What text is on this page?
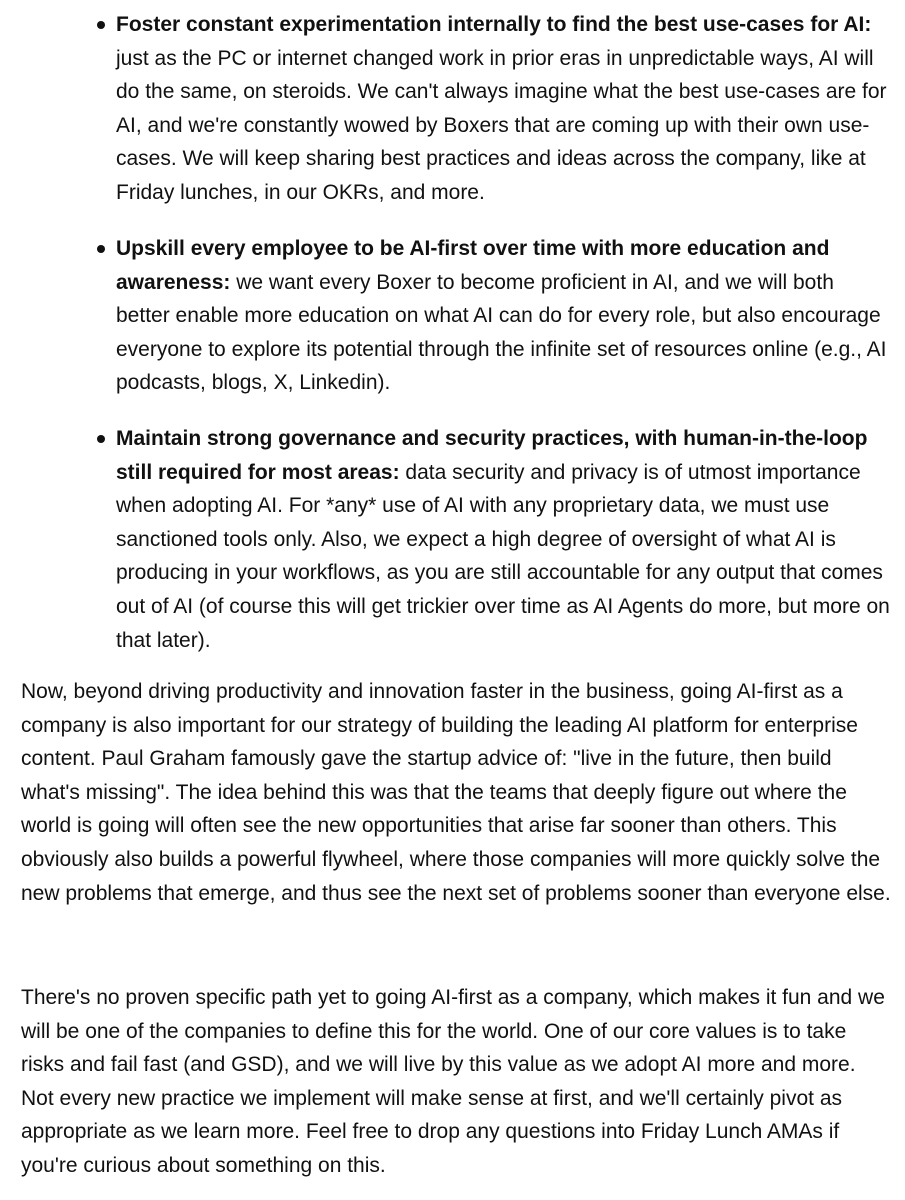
Foster constant experimentation internally to find the best use-cases for AI: just as the PC or internet changed work in prior eras in unpredictable ways, AI will do the same, on steroids. We can't always imagine what the best use-cases are for AI, and we're constantly wowed by Boxers that are coming up with their own use-cases. We will keep sharing best practices and ideas across the company, like at Friday lunches, in our OKRs, and more.
Upskill every employee to be AI-first over time with more education and awareness: we want every Boxer to become proficient in AI, and we will both better enable more education on what AI can do for every role, but also encourage everyone to explore its potential through the infinite set of resources online (e.g., AI podcasts, blogs, X, Linkedin).
Maintain strong governance and security practices, with human-in-the-loop still required for most areas: data security and privacy is of utmost importance when adopting AI. For *any* use of AI with any proprietary data, we must use sanctioned tools only. Also, we expect a high degree of oversight of what AI is producing in your workflows, as you are still accountable for any output that comes out of AI (of course this will get trickier over time as AI Agents do more, but more on that later).

Now, beyond driving productivity and innovation faster in the business, going AI-first as a company is also important for our strategy of building the leading AI platform for enterprise content. Paul Graham famously gave the startup advice of: "live in the future, then build what's missing". The idea behind this was that the teams that deeply figure out where the world is going will often see the new opportunities that arise far sooner than others. This obviously also builds a powerful flywheel, where those companies will more quickly solve the new problems that emerge, and thus see the next set of problems sooner than everyone else.

There's no proven specific path yet to going AI-first as a company, which makes it fun and we will be one of the companies to define this for the world. One of our core values is to take risks and fail fast (and GSD), and we will live by this value as we adopt AI more and more. Not every new practice we implement will make sense at first, and we'll certainly pivot as appropriate as we learn more. Feel free to drop any questions into Friday Lunch AMAs if you're curious about something on this.
